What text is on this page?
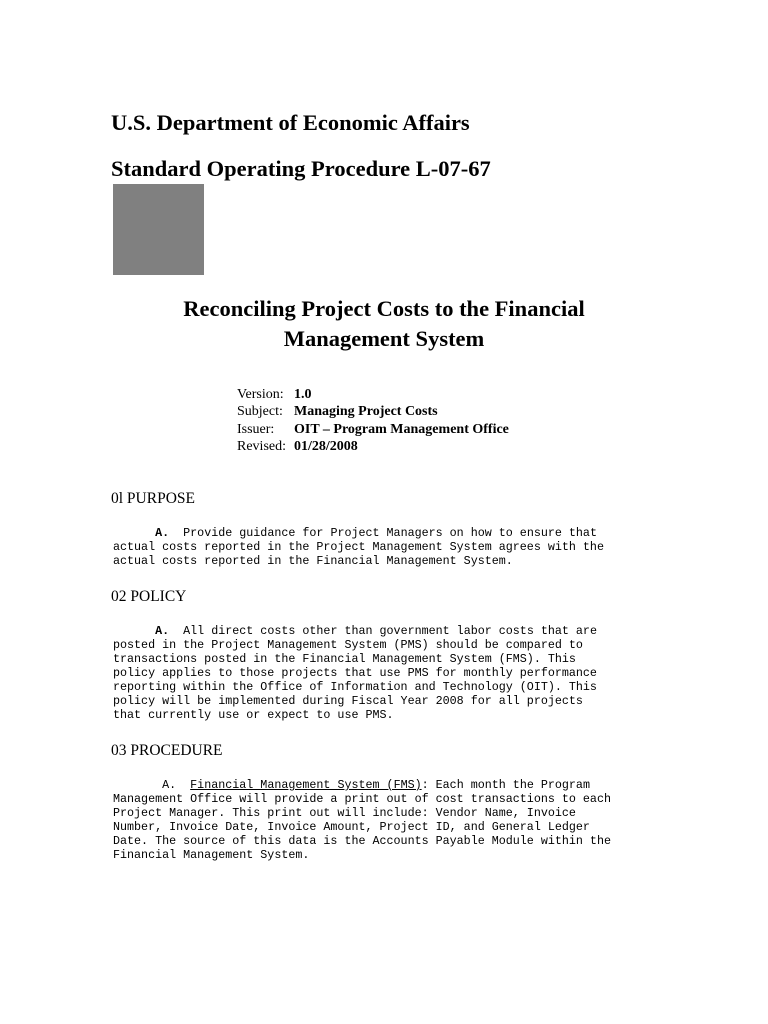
U.S. Department of Economic Affairs
Standard Operating Procedure L-07-67
Reconciling Project Costs to the Financial
Management System
Version: 1.0
Subject: Managing Project Costs
Issuer:	OIT – Program Management Office
Revised: 01/28/2008
0l PURPOSE
A.  Provide guidance for Project Managers on how to ensure that
actual costs reported in the Project Management System agrees with the
actual costs reported in the Financial Management System.
02 POLICY
A.  All direct costs other than government labor costs that are
posted in the Project Management System (PMS) should be compared to
transactions posted in the Financial Management System (FMS). This
policy applies to those projects that use PMS for monthly performance
reporting within the Office of Information and Technology (OIT). This
policy will be implemented during Fiscal Year 2008 for all projects
that currently use or expect to use PMS.
03 PROCEDURE
A. Financial Management System (FMS): Each month the Program
Management Office will provide a print out of cost transactions to each
Project Manager. This print out will include: Vendor Name, Invoice
Number, Invoice Date, Invoice Amount, Project ID, and General Ledger
Date. The source of this data is the Accounts Payable Module within the
Financial Management System.
